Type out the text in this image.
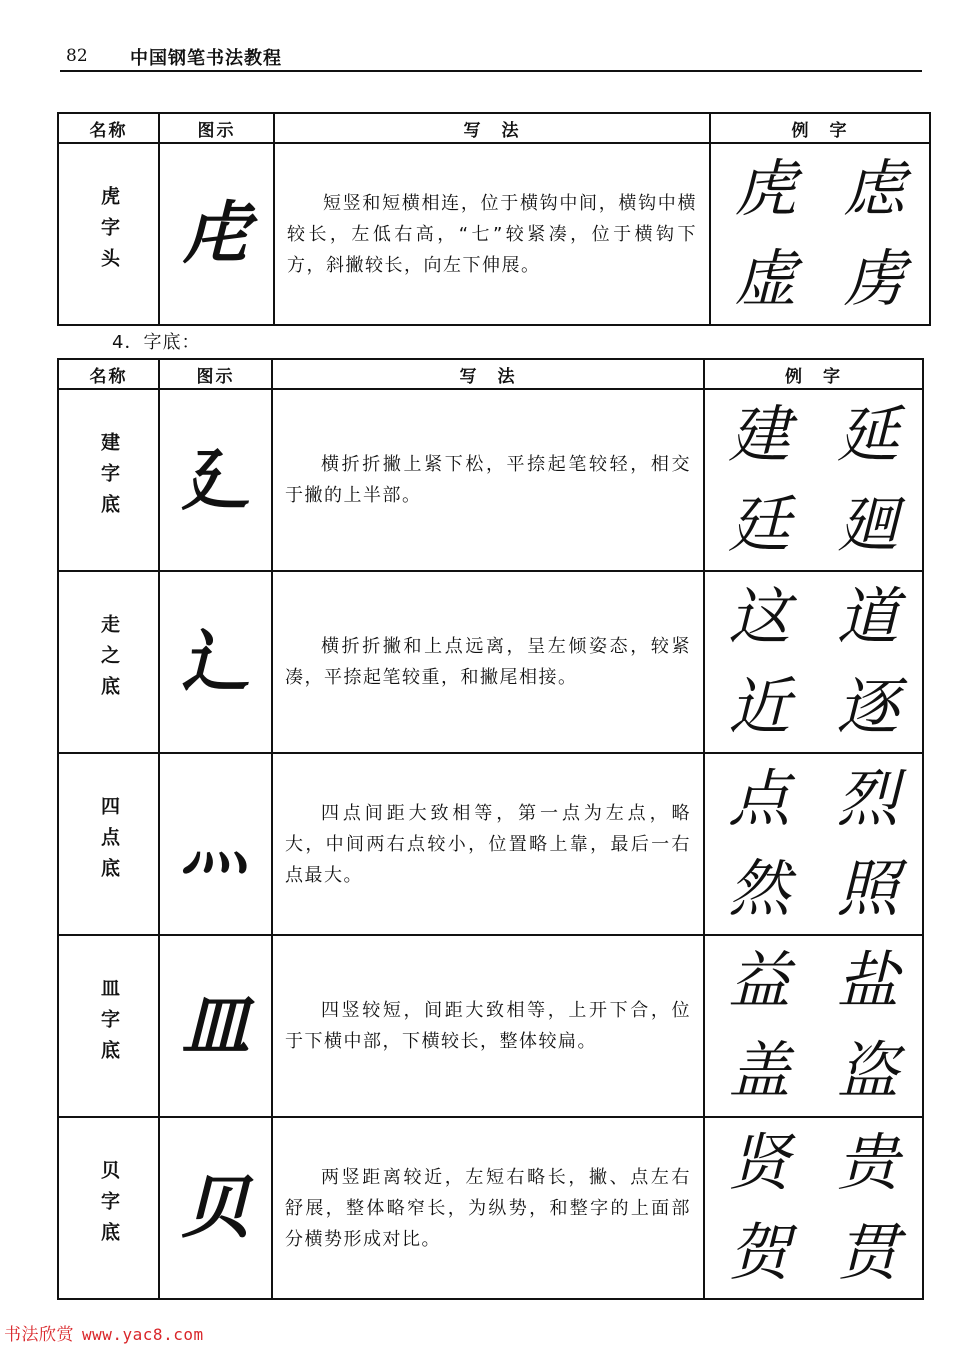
82 中国钢笔书法教程
名称	图示	写　法	例　字
虎字头	虍	短竖和短横相连，位于横钩中间，横钩中横较长，左低右高，“七”较紧凑，位于横钩下方，斜撇较长，向左下伸展。	虎 虑
虚 虏
4．字底：
名称	图示	写　法	例　字
建字底	廴	横折折撇上紧下松，平捺起笔较轻，相交于撇的上半部。	建 延
廷 廻

走之底	辶	横折折撇和上点远离，呈左倾姿态，较紧凑，平捺起笔较重，和撇尾相接。	这 道
近 逐

四点底	灬	四点间距大致相等，第一点为左点，略大，中间两右点较小，位置略上靠，最后一右点最大。	点 烈
然 照

皿字底	皿	四竖较短，间距大致相等，上开下合，位于下横中部，下横较长，整体较扁。	益 盐
盖 盗

贝字底	贝	两竖距离较近，左短右略长，撇、点左右舒展，整体略窄长，为纵势，和整字的上面部分横势形成对比。	贤 贵
贺 贯
书法欣赏 www.yac8.com
